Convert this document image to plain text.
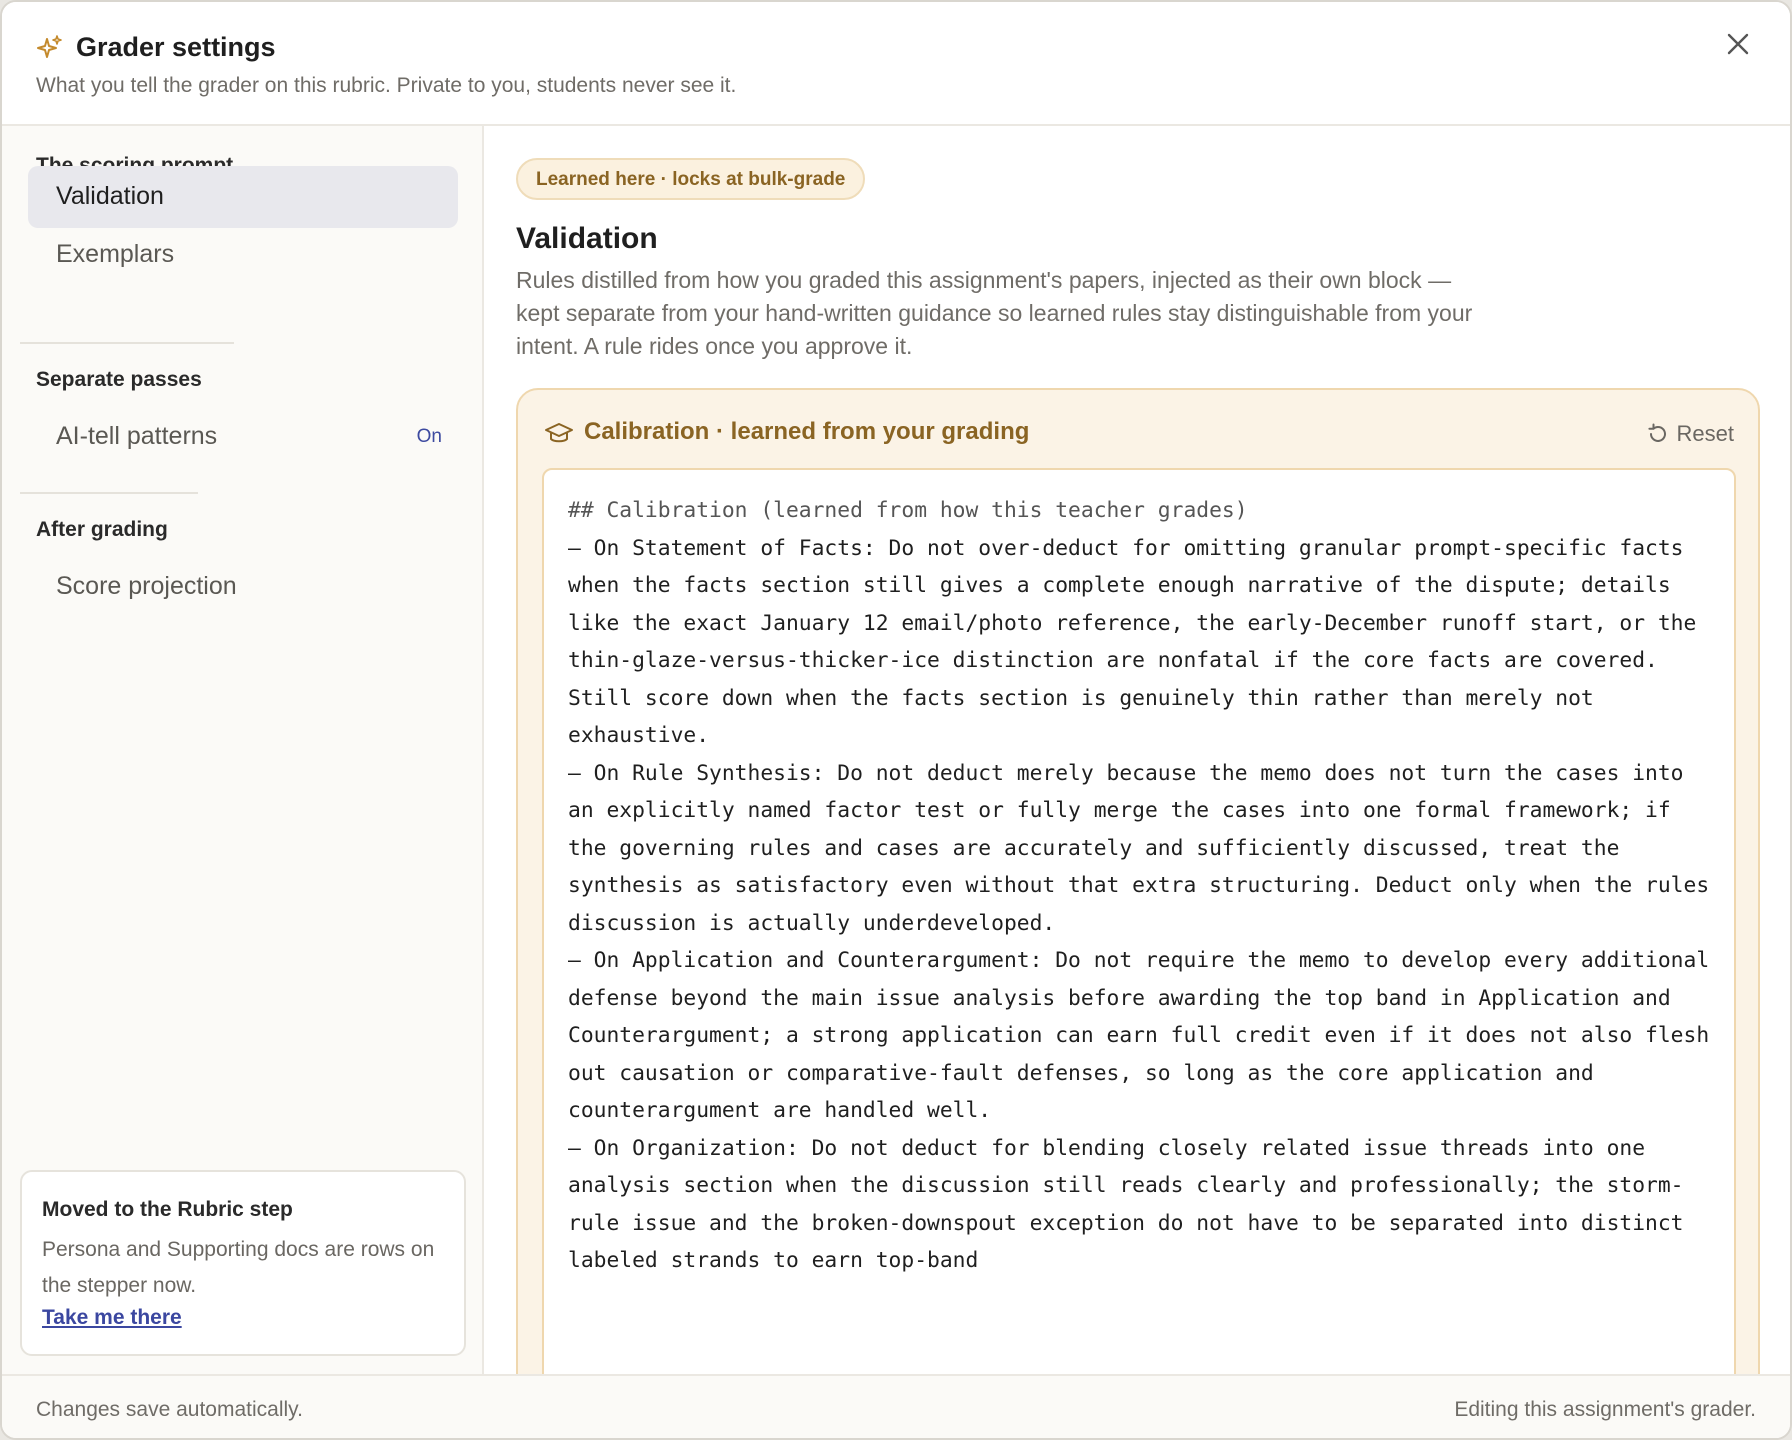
Grader settings
What you tell the grader on this rubric. Private to you, students never see it.
Validation
Exemplars
Separate passes
AI-tell patterns	On
After grading
Score projection
Moved to the Rubric step
Persona and Supporting docs are rows on the stepper now.
Take me there
Learned here · locks at bulk-grade
Validation
Rules distilled from how you graded this assignment's papers, injected as their own block — kept separate from your hand-written guidance so learned rules stay distinguishable from your intent. A rule rides once you approve it.
Calibration · learned from your grading	Reset
## Calibration (learned from how this teacher grades)
– On Statement of Facts: Do not over-deduct for omitting granular prompt-specific facts when the facts section still gives a complete enough narrative of the dispute; details like the exact January 12 email/photo reference, the early-December runoff start, or the thin-glaze-versus-thicker-ice distinction are nonfatal if the core facts are covered. Still score down when the facts section is genuinely thin rather than merely not exhaustive.
– On Rule Synthesis: Do not deduct merely because the memo does not turn the cases into an explicitly named factor test or fully merge the cases into one formal framework; if the governing rules and cases are accurately and sufficiently discussed, treat the synthesis as satisfactory even without that extra structuring. Deduct only when the rules discussion is actually underdeveloped.
– On Application and Counterargument: Do not require the memo to develop every additional defense beyond the main issue analysis before awarding the top band in Application and Counterargument; a strong application can earn full credit even if it does not also flesh out causation or comparative-fault defenses, so long as the core application and counterargument are handled well.
– On Organization: Do not deduct for blending closely related issue threads into one analysis section when the discussion still reads clearly and professionally; the storm-rule issue and the broken-downspout exception do not have to be separated into distinct labeled strands to earn top-band
Changes save automatically.	Editing this assignment's grader.
